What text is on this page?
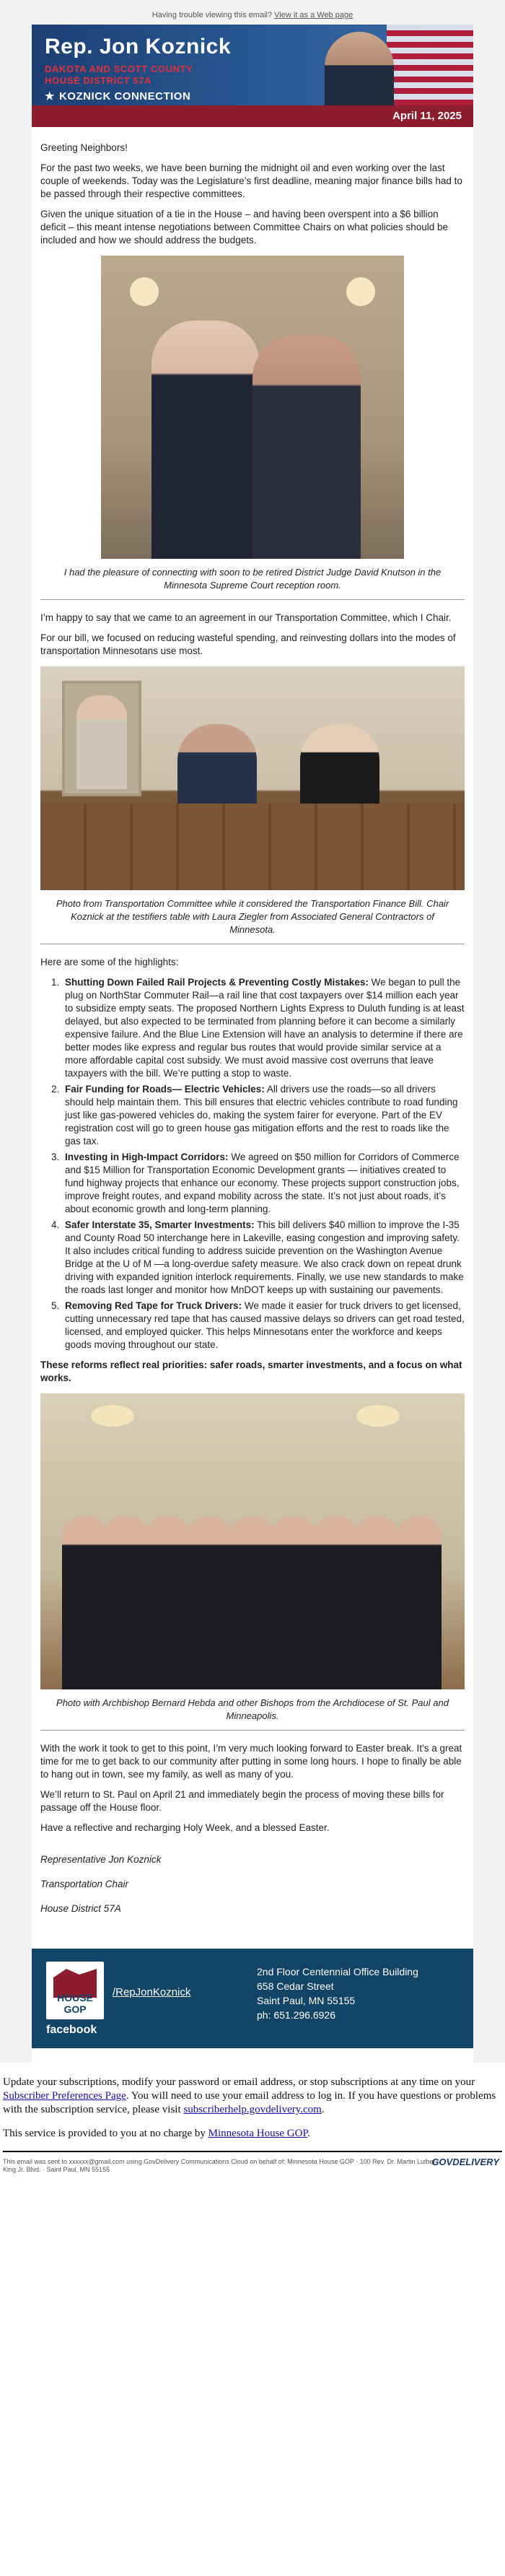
Having trouble viewing this email? View it as a Web page
Rep. Jon Koznick
DAKOTA AND SCOTT COUNTY
HOUSE DISTRICT 57A
★ KOZNICK CONNECTION
April 11, 2025

Greeting Neighbors!

For the past two weeks, we have been burning the midnight oil and even working over the last couple of weekends. Today was the Legislature’s first deadline, meaning major finance bills had to be passed through their respective committees.

Given the unique situation of a tie in the House – and having been overspent into a $6 billion deficit – this meant intense negotiations between Committee Chairs on what policies should be included and how we should address the budgets.

I had the pleasure of connecting with soon to be retired District Judge David Knutson in the Minnesota Supreme Court reception room.

I’m happy to say that we came to an agreement in our Transportation Committee, which I Chair.

For our bill, we focused on reducing wasteful spending, and reinvesting dollars into the modes of transportation Minnesotans use most.

Photo from Transportation Committee while it considered the Transportation Finance Bill. Chair Koznick at the testifiers table with Laura Ziegler from Associated General Contractors of Minnesota.

Here are some of the highlights:

1. Shutting Down Failed Rail Projects & Preventing Costly Mistakes: We began to pull the plug on NorthStar Commuter Rail—a rail line that cost taxpayers over $14 million each year to subsidize empty seats. The proposed Northern Lights Express to Duluth funding is at least delayed, but also expected to be terminated from planning before it can become a similarly expensive failure. And the Blue Line Extension will have an analysis to determine if there are better modes like express and regular bus routes that would provide similar service at a more affordable capital cost subsidy. We must avoid massive cost overruns that leave taxpayers with the bill. We’re putting a stop to waste.
2. Fair Funding for Roads— Electric Vehicles: All drivers use the roads—so all drivers should help maintain them. This bill ensures that electric vehicles contribute to road funding just like gas-powered vehicles do, making the system fairer for everyone. Part of the EV registration cost will go to green house gas mitigation efforts and the rest to roads like the gas tax.
3. Investing in High-Impact Corridors: We agreed on $50 million for Corridors of Commerce and $15 Million for Transportation Economic Development grants — initiatives created to fund highway projects that enhance our economy. These projects support construction jobs, improve freight routes, and expand mobility across the state. It’s not just about roads, it’s about economic growth and long-term planning.
4. Safer Interstate 35, Smarter Investments: This bill delivers $40 million to improve the I-35 and County Road 50 interchange here in Lakeville, easing congestion and improving safety. It also includes critical funding to address suicide prevention on the Washington Avenue Bridge at the U of M —a long-overdue safety measure. We also crack down on repeat drunk driving with expanded ignition interlock requirements. Finally, we use new standards to make the roads last longer and monitor how MnDOT keeps up with sustaining our pavements.
5. Removing Red Tape for Truck Drivers: We made it easier for truck drivers to get licensed, cutting unnecessary red tape that has caused massive delays so drivers can get road tested, licensed, and employed quicker. This helps Minnesotans enter the workforce and keeps goods moving throughout our state.

These reforms reflect real priorities: safer roads, smarter investments, and a focus on what works.

Photo with Archbishop Bernard Hebda and other Bishops from the Archdiocese of St. Paul and Minneapolis.

With the work it took to get to this point, I’m very much looking forward to Easter break. It’s a great time for me to get back to our community after putting in some long hours. I hope to finally be able to hang out in town, see my family, as well as many of you.

We’ll return to St. Paul on April 21 and immediately begin the process of moving these bills for passage off the House floor.

Have a reflective and recharging Holy Week, and a blessed Easter.

Representative Jon Koznick

Transportation Chair

House District 57A

HOUSE GOP
facebook
/RepJonKoznick
2nd Floor Centennial Office Building
658 Cedar Street
Saint Paul, MN 55155
ph: 651.296.6926

Update your subscriptions, modify your password or email address, or stop subscriptions at any time on your Subscriber Preferences Page. You will need to use your email address to log in. If you have questions or problems with the subscription service, please visit subscriberhelp.govdelivery.com.

This service is provided to you at no charge by Minnesota House GOP.

This email was sent to xxxxxx@gmail.com using GovDelivery Communications Cloud on behalf of: Minnesota House GOP · 100 Rev. Dr. Martin Luther King Jr. Blvd. · Saint Paul, MN 55155
GOVDELIVERY
